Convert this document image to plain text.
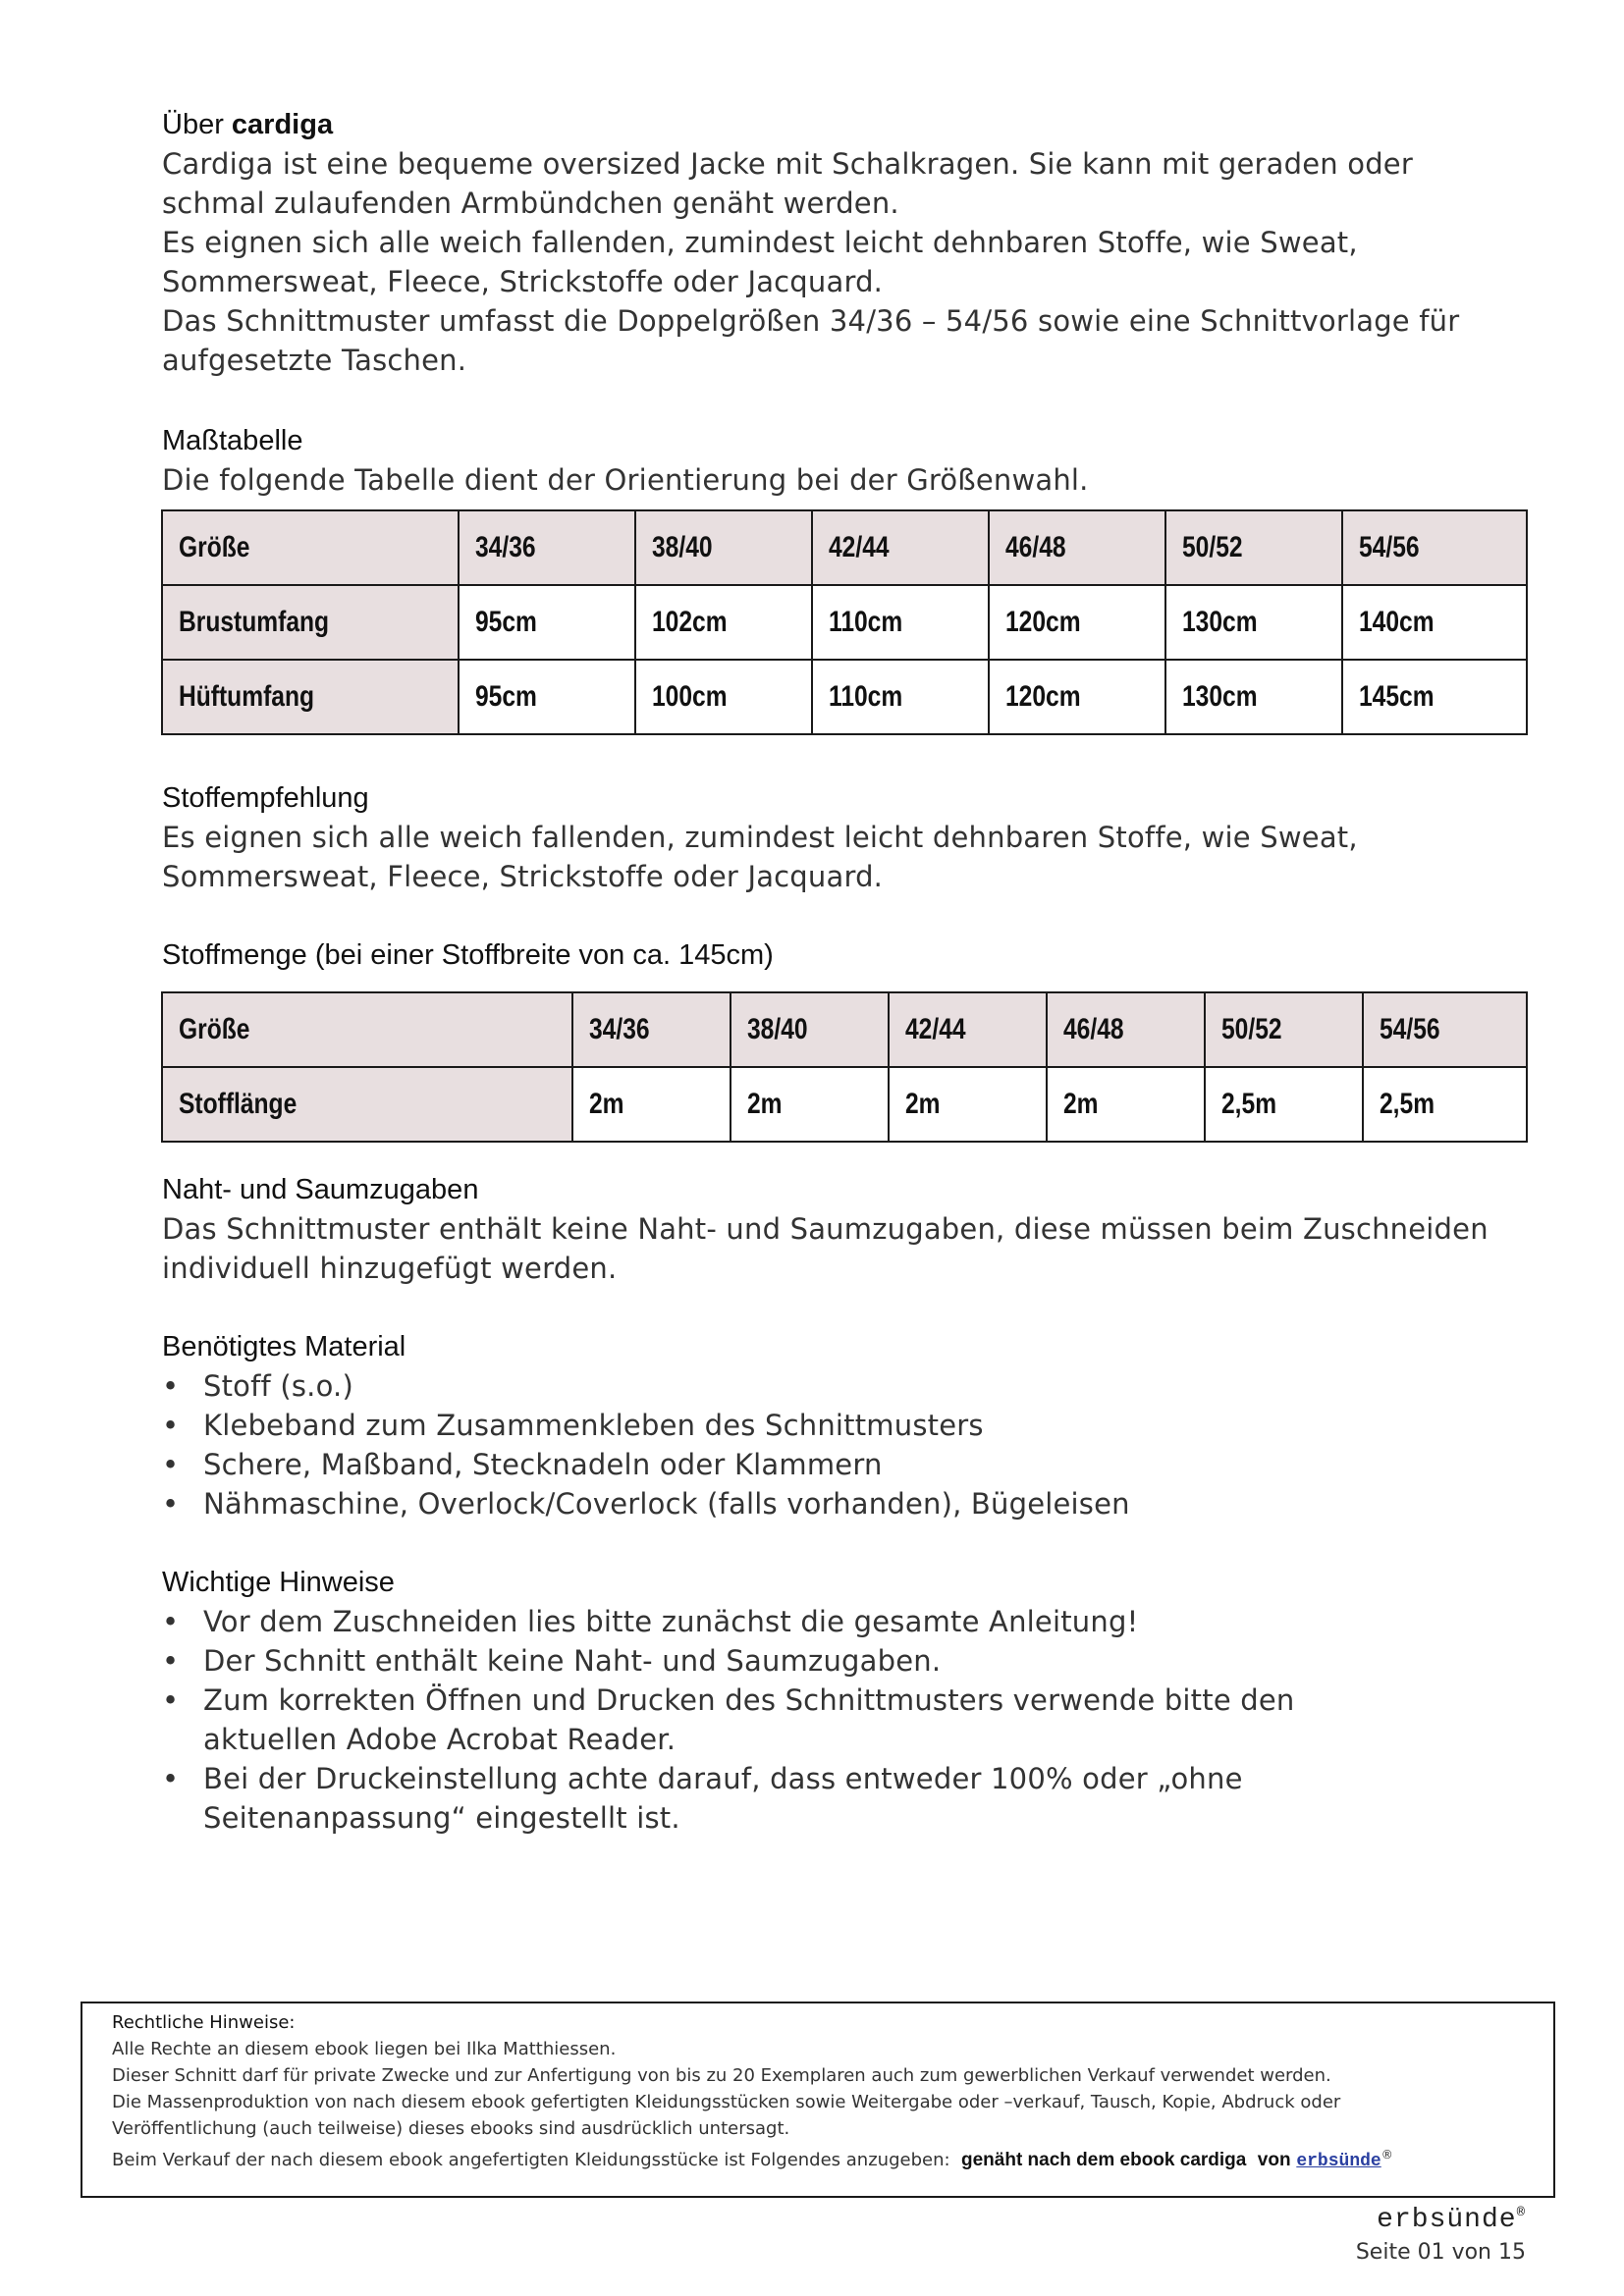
Über cardiga

Cardiga ist eine bequeme oversized Jacke mit Schalkragen. Sie kann mit geraden oder

schmal zulaufenden Armbündchen genäht werden.

Es eignen sich alle weich fallenden, zumindest leicht dehnbaren Stoffe, wie Sweat,

Sommersweat, Fleece, Strickstoffe oder Jacquard.

Das Schnittmuster umfasst die Doppelgrößen 34/36 – 54/56 sowie eine Schnittvorlage für

aufgesetzte Taschen.

Maßtabelle
Die folgende Tabelle dient der Orientierung bei der Größenwahl.
Größe	34/36	38/40	42/44	46/48	50/52	54/56
Brustumfang	95cm	102cm	110cm	120cm	130cm	140cm
Hüftumfang	95cm	100cm	110cm	120cm	130cm	145cm
Stoffempfehlung

Es eignen sich alle weich fallenden, zumindest leicht dehnbaren Stoffe, wie Sweat,

Sommersweat, Fleece, Strickstoffe oder Jacquard.

Stoffmenge (bei einer Stoffbreite von ca. 145cm)
Größe	34/36	38/40	42/44	46/48	50/52	54/56
Stofflänge	2m	2m	2m	2m	2,5m	2,5m
Naht- und Saumzugaben

Das Schnittmuster enthält keine Naht- und Saumzugaben, diese müssen beim Zuschneiden

individuell hinzugefügt werden.

Benötigtes Material
• Stoff (s.o.)
• Klebeband zum Zusammenkleben des Schnittmusters
• Schere, Maßband, Stecknadeln oder Klammern
• Nähmaschine, Overlock/Coverlock (falls vorhanden), Bügeleisen
Wichtige Hinweise
• Vor dem Zuschneiden lies bitte zunächst die gesamte Anleitung!
• Der Schnitt enthält keine Naht- und Saumzugaben.
• Zum korrekten Öffnen und Drucken des Schnittmusters verwende bitte den aktuellen Adobe Acrobat Reader.
• Bei der Druckeinstellung achte darauf, dass entweder 100% oder „ohne Seitenanpassung“ eingestellt ist.
Rechtliche Hinweise:
Alle Rechte an diesem ebook liegen bei Ilka Matthiessen.
Dieser Schnitt darf für private Zwecke und zur Anfertigung von bis zu 20 Exemplaren auch zum gewerblichen Verkauf verwendet werden.
Die Massenproduktion von nach diesem ebook gefertigten Kleidungsstücken sowie Weitergabe oder –verkauf, Tausch, Kopie, Abdruck oder
Veröffentlichung (auch teilweise) dieses ebooks sind ausdrücklich untersagt.
Beim Verkauf der nach diesem ebook angefertigten Kleidungsstücke ist Folgendes anzugeben: genäht nach dem ebook cardiga von erbsünde®
erbsünde®
Seite 01 von 15
